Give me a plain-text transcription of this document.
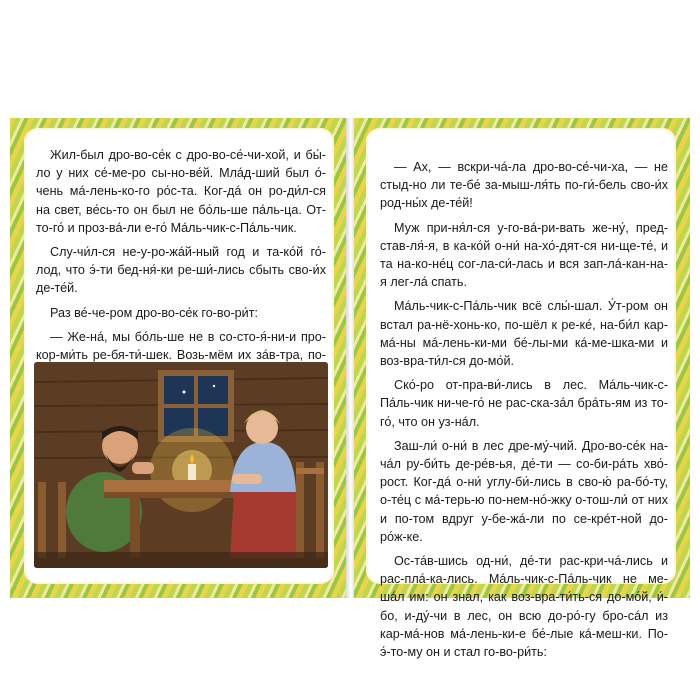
Жил-был дро-во-се́к с дро-во-се́-чи-хой, и бы́-ло у них се́-ме-ро сы-но-ве́й. Млáд-ший был о́-чень мá-лень-ко-го ро́с-та. Ког-дá он ро-ди́л-ся на свет, ве́сь-то он был не бо́ль-ше пáль-ца. От-то-го́ и проз-вá-ли е-го́ Мáль-чик-с-Пáль-чик.

Слу-чи́л-ся не-у-ро-жáй-ный год и та-ко́й го́-лод, что э́-ти бед-ня́-ки ре-ши́-лись сбыть сво-и́х де-те́й.

Раз ве́-че-ром дро-во-се́к го-во-ри́т:

— Же-нá, мы бо́ль-ше не в со-сто-я́-ни-и про-кор-ми́ть ре-бя-ти́-шек. Возь-мём их зáв-тра, по-

— Ах, — вскри-чá-ла дро-во-се́-чи-ха, — не стыд-но ли те-бе́ за-мыш-ля́ть по-ги́-бель сво-и́х род-ны́х де-те́й!

Муж при-ня́л-ся у-го-вá-ри-вать же-ну́, пред-став-ля́-я, в ка-ко́й о-ни́ на-хо́-дят-ся ни-ще-те́, и та на-ко-не́ц сог-ла-си́-лась и вся зап-лá-кан-на-я лег-лá спать.

Мáль-чик-с-Пáль-чик всё слы́-шал. У́т-ром он встал ра-нё-хонь-ко, по-шёл к ре-ке́, на-би́л кар-мá-ны мá-лень-ки-ми бе́-лы-ми кá-ме-шка-ми и воз-вра-ти́л-ся до-мо́й.

Ско́-ро от-пра-ви́-лись в лес. Мáль-чик-с-Пáль-чик ни-че-го́ не рас-ска-зáл брáть-ям из то-го́, что он уз-нáл.

Заш-ли́ о-ни́ в лес дре-му́-чий. Дро-во-се́к на-чáл ру-би́ть де-ре́в-ья, де́-ти — со-би-рáть хво́-рост. Ког-дá о-ни́ углу-би́-лись в сво-ю́ ра-бо́-ту, о-те́ц с мá-терь-ю по-нем-но́-жку о-тош-ли́ от них и по-том вдруг у-бе-жá-ли по се-крéт-ной до-ро́ж-ке.

Ос-тáв-шись од-ни́, де́-ти рас-кри-чá-лись и рас-плá-ка-лись. Мáль-чик-с-Пáль-чик не ме-шáл им: он знал, как воз-вра-ти́ть-ся до-мо́й, и́-бо, и-ду́-чи в лес, он всю до-ро́-гу бро-сáл из кар-мá-нов мá-лень-ки-е бе́-лые кá-меш-ки. По-э́-то-му он и стал го-во-ри́ть:
